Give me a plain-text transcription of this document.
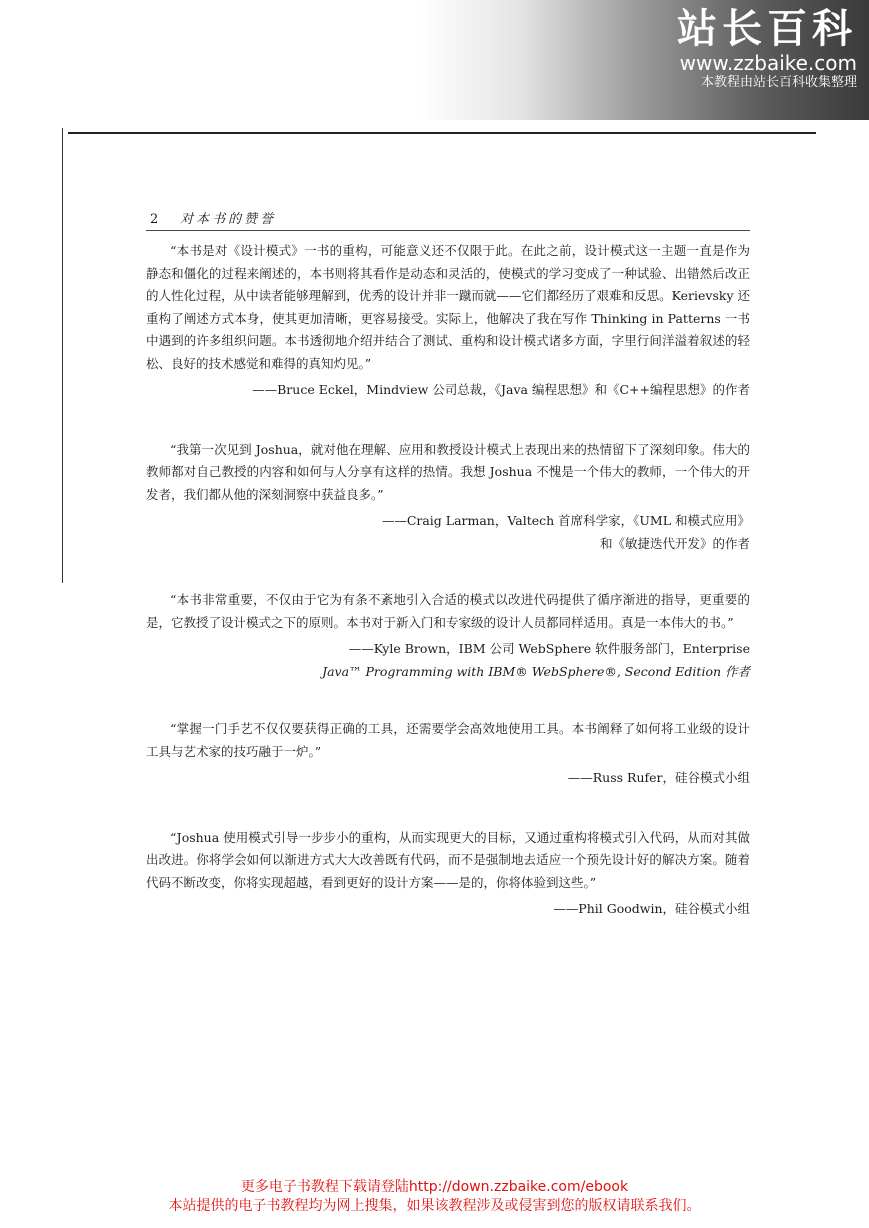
站长百科
www.zzbaike.com
本教程由站长百科收集整理
2 对本书的赞誉

“本书是对《设计模式》一书的重构，可能意义还不仅限于此。在此之前，设计模式这一主题一直是作为静态和僵化的过程来阐述的，本书则将其看作是动态和灵活的，使模式的学习变成了一种试验、出错然后改正的人性化过程，从中读者能够理解到，优秀的设计并非一蹴而就——它们都经历了艰难和反思。Kerievsky 还重构了阐述方式本身，使其更加清晰，更容易接受。实际上，他解决了我在写作 Thinking in Patterns 一书中遇到的许多组织问题。本书透彻地介绍并结合了测试、重构和设计模式诸多方面，字里行间洋溢着叙述的轻松、良好的技术感觉和难得的真知灼见。”

——Bruce Eckel，Mindview 公司总裁，《Java 编程思想》和《C++编程思想》的作者

“我第一次见到 Joshua，就对他在理解、应用和教授设计模式上表现出来的热情留下了深刻印象。伟大的教师都对自己教授的内容和如何与人分享有这样的热情。我想 Joshua 不愧是一个伟大的教师，一个伟大的开发者，我们都从他的深刻洞察中获益良多。”

——Craig Larman，Valtech 首席科学家，《UML 和模式应用》

和《敏捷迭代开发》的作者

“本书非常重要，不仅由于它为有条不紊地引入合适的模式以改进代码提供了循序渐进的指导，更重要的是，它教授了设计模式之下的原则。本书对于新入门和专家级的设计人员都同样适用。真是一本伟大的书。”

——Kyle Brown，IBM 公司 WebSphere 软件服务部门，Enterprise

Java™ Programming with IBM® WebSphere®, Second Edition 作者

“掌握一门手艺不仅仅要获得正确的工具，还需要学会高效地使用工具。本书阐释了如何将工业级的设计工具与艺术家的技巧融于一炉。”

——Russ Rufer，硅谷模式小组

“Joshua 使用模式引导一步步小的重构，从而实现更大的目标，又通过重构将模式引入代码，从而对其做出改进。你将学会如何以渐进方式大大改善既有代码，而不是强制地去适应一个预先设计好的解决方案。随着代码不断改变，你将实现超越，看到更好的设计方案——是的，你将体验到这些。”

——Phil Goodwin，硅谷模式小组

更多电子书教程下载请登陆http://down.zzbaike.com/ebook
本站提供的电子书教程均为网上搜集，如果该教程涉及或侵害到您的版权请联系我们。
